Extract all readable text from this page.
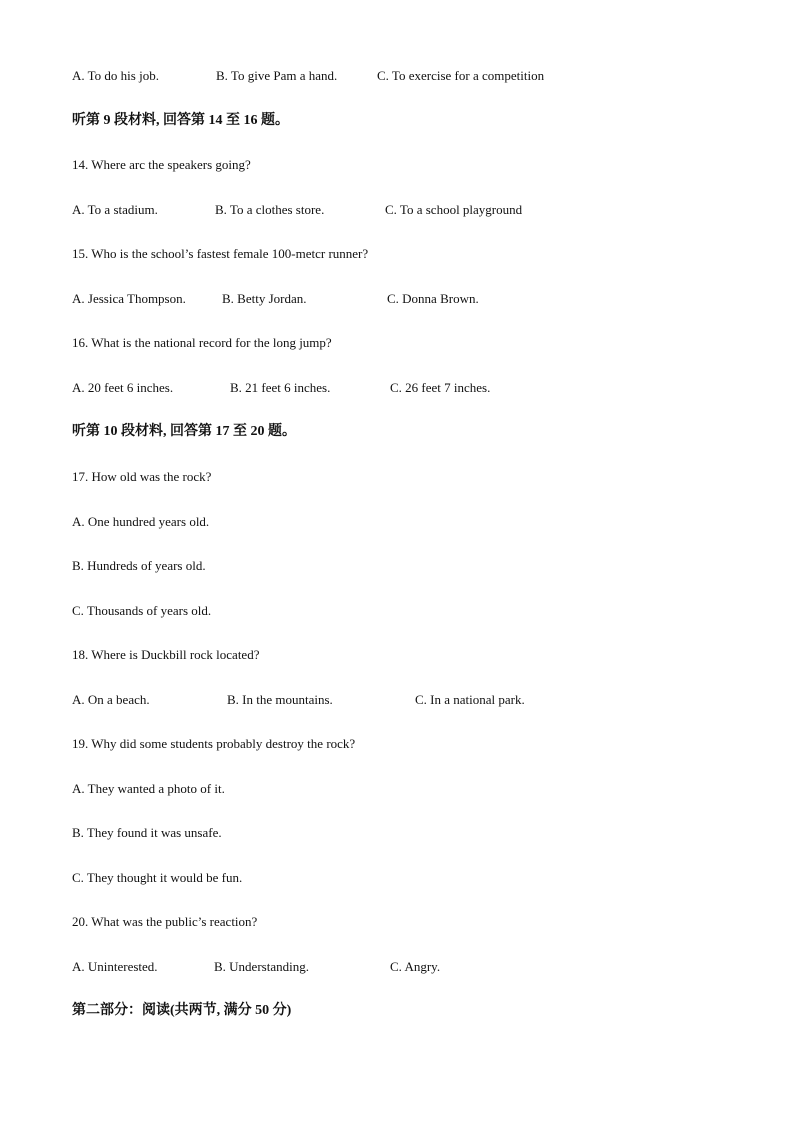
A. To do his job.	B. To give Pam a hand.	C. To exercise for a competition
听第 9 段材料, 回答第 14 至 16 题。
14. Where arc the speakers going?
A. To a stadium.	B. To a clothes store.	C. To a school playground
15. Who is the school’s fastest female 100-metcr runner?
A. Jessica Thompson.	B. Betty Jordan.	C. Donna Brown.
16. What is the national record for the long jump?
A. 20 feet 6 inches.	B. 21 feet 6 inches.	C. 26 feet 7 inches.
听第 10 段材料, 回答第 17 至 20 题。
17. How old was the rock?
A. One hundred years old.
B. Hundreds of years old.
C. Thousands of years old.
18. Where is Duckbill rock located?
A. On a beach.	B. In the mountains.	C. In a national park.
19. Why did some students probably destroy the rock?
A. They wanted a photo of it.
B. They found it was unsafe.
C. They thought it would be fun.
20. What was the public’s reaction?
A. Uninterested.	B. Understanding.	C. Angry.
第二部分：阅读(共两节, 满分 50 分)
